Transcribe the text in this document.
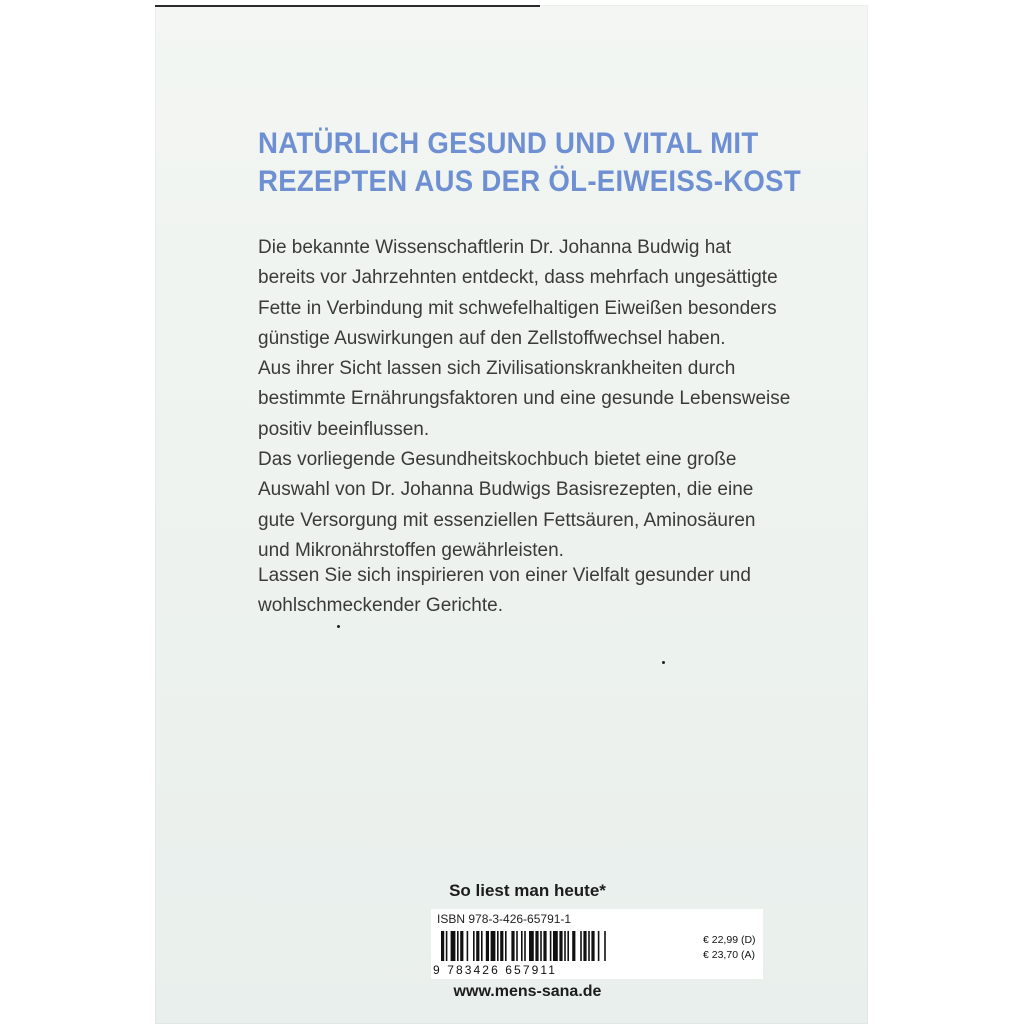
NATÜRLICH GESUND UND VITAL MIT
REZEPTEN AUS DER ÖL-EIWEISS-KOST
Die bekannte Wissenschaftlerin Dr. Johanna Budwig hat
bereits vor Jahrzehnten entdeckt, dass mehrfach ungesättigte
Fette in Verbindung mit schwefelhaltigen Eiweißen besonders
günstige Auswirkungen auf den Zellstoffwechsel haben.
Aus ihrer Sicht lassen sich Zivilisationskrankheiten durch
bestimmte Ernährungsfaktoren und eine gesunde Lebensweise
positiv beeinflussen.
Das vorliegende Gesundheitskochbuch bietet eine große
Auswahl von Dr. Johanna Budwigs Basisrezepten, die eine
gute Versorgung mit essenziellen Fettsäuren, Aminosäuren
und Mikronährstoffen gewährleisten.
Lassen Sie sich inspirieren von einer Vielfalt gesunder und
wohlschmeckender Gerichte.
So liest man heute*
ISBN 978-3-426-65791-1
9 783426 657911
€ 22,99 (D)
€ 23,70 (A)
www.mens-sana.de
